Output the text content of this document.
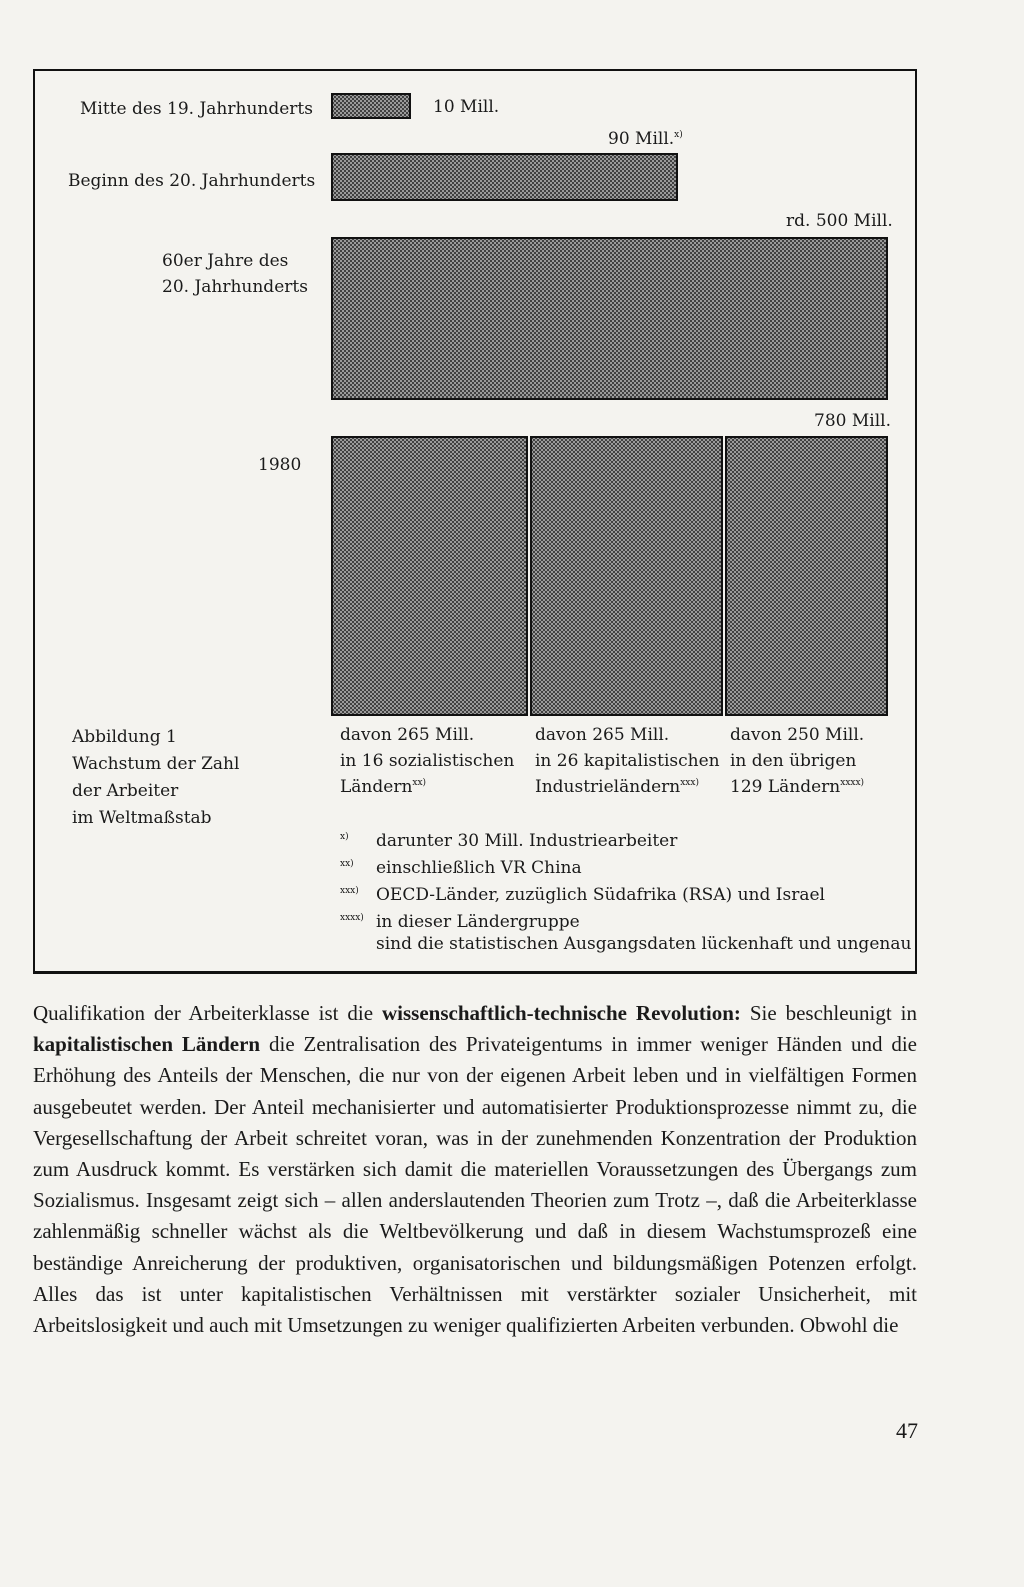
Mitte des 19. Jahrhunderts
Beginn des 20. Jahrhunderts
60er Jahre des
20. Jahrhunderts
1980
10 Mill.
90 Mill.$^{x)}$
rd. 500 Mill.
780 Mill.
Abbildung 1
Wachstum der Zahl
der Arbeiter
im Weltmaßstab
davon 265 Mill.
in 16 sozialistischen
Ländern$^{xx)}$
davon 265 Mill.
in 26 kapitalistischen
Industrieländern$^{xxx)}$
davon 250 Mill.
in den übrigen
129 Ländern$^{xxxx)}$
x) darunter 30 Mill. Industriearbeiter
xx) einschließlich VR China
xxx) OECD-Länder, zuzüglich Südafrika (RSA) und Israel
xxxx) in dieser Ländergruppe
sind die statistischen Ausgangsdaten lückenhaft und ungenau
Qualifikation der Arbeiterklasse ist die wissenschaftlich-technische Revolution: Sie beschleunigt in kapitalistischen Ländern die Zentralisation des Privateigentums in immer weniger Händen und die Erhöhung des Anteils der Menschen, die nur von der eigenen Arbeit leben und in vielfältigen Formen ausgebeutet werden. Der Anteil mechanisierter und automatisierter Produktionsprozesse nimmt zu, die Vergesellschaftung der Arbeit schreitet voran, was in der zunehmenden Konzentration der Produktion zum Ausdruck kommt. Es verstärken sich damit die materiellen Voraussetzungen des Übergangs zum Sozialismus. Insgesamt zeigt sich – allen anderslautenden Theorien zum Trotz –, daß die Arbeiterklasse zahlenmäßig schneller wächst als die Weltbevölkerung und daß in diesem Wachstumsprozeß eine beständige Anreicherung der produktiven, organisatorischen und bildungsmäßigen Potenzen erfolgt. Alles das ist unter kapitalistischen Verhältnissen mit verstärkter sozialer Unsicherheit, mit Arbeitslosigkeit und auch mit Umsetzungen zu weniger qualifizierten Arbeiten verbunden. Obwohl die
47
